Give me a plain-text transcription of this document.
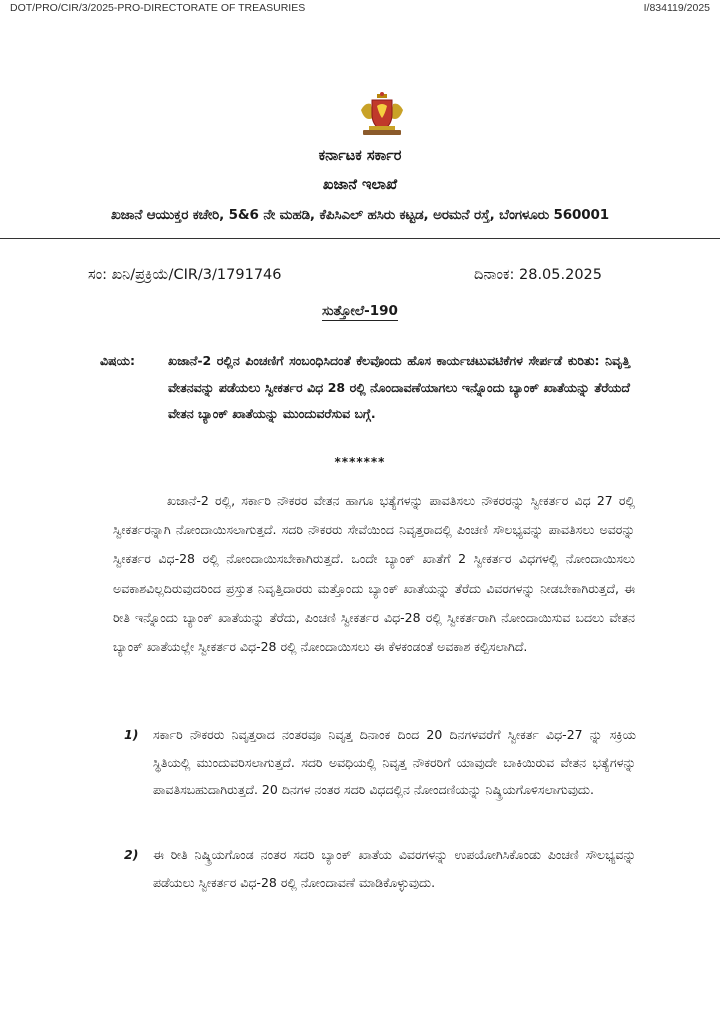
DOT/PRO/CIR/3/2025-PRO-DIRECTORATE OF TREASURIES	I/834119/2025
ಕರ್ನಾಟಕ ಸರ್ಕಾರ
ಖಜಾನೆ ಇಲಾಖೆ
ಖಜಾನೆ ಆಯುಕ್ತರ ಕಚೇರಿ, 5&6 ನೇ ಮಹಡಿ, ಕೆಪಿಸಿಎಲ್ ಹಸಿರು ಕಟ್ಟಡ, ಅರಮನೆ ರಸ್ತೆ, ಬೆಂಗಳೂರು 560001
ಸಂ: ಖನಿ/ಪ್ರಕ್ರಿಯೆ/CIR/3/1791746	ದಿನಾಂಕ: 28.05.2025
ಸುತ್ತೋಲೆ-190
ವಿಷಯ:	ಖಜಾನೆ-2 ರಲ್ಲಿನ ಪಿಂಚಣಿಗೆ ಸಂಬಂಧಿಸಿದಂತೆ ಕೆಲವೊಂದು ಹೊಸ ಕಾರ್ಯಚಟುವಟಿಕೆಗಳ ಸೇರ್ಪಡೆ ಕುರಿತು: ನಿವೃತ್ತಿ ವೇತನವನ್ನು ಪಡೆಯಲು ಸ್ವೀಕರ್ತರ ವಿಧ 28 ರಲ್ಲಿ ನೊಂದಾವಣೆಯಾಗಲು ಇನ್ನೊಂದು ಬ್ಯಾಂಕ್ ಖಾತೆಯನ್ನು ತೆರೆಯದೆ ವೇತನ ಬ್ಯಾಂಕ್ ಖಾತೆಯನ್ನು ಮುಂದುವರೆಸುವ ಬಗ್ಗೆ.
*******
ಖಜಾನೆ-2 ರಲ್ಲಿ, ಸರ್ಕಾರಿ ನೌಕರರ ವೇತನ ಹಾಗೂ ಭತ್ಯೆಗಳನ್ನು ಪಾವತಿಸಲು ನೌಕರರನ್ನು ಸ್ವೀಕರ್ತರ ವಿಧ 27 ರಲ್ಲಿ ಸ್ವೀಕರ್ತರನ್ನಾಗಿ ನೋಂದಾಯಿಸಲಾಗುತ್ತದೆ. ಸದರಿ ನೌಕರರು ಸೇವೆಯಿಂದ ನಿವೃತ್ತರಾದಲ್ಲಿ ಪಿಂಚಣಿ ಸೌಲಭ್ಯವನ್ನು ಪಾವತಿಸಲು ಅವರನ್ನು ಸ್ವೀಕರ್ತರ ವಿಧ-28 ರಲ್ಲಿ ನೋಂದಾಯಿಸಬೇಕಾಗಿರುತ್ತದೆ. ಒಂದೇ ಬ್ಯಾಂಕ್ ಖಾತೆಗೆ 2 ಸ್ವೀಕರ್ತರ ವಿಧಗಳಲ್ಲಿ ನೋಂದಾಯಿಸಲು ಅವಕಾಶವಿಲ್ಲದಿರುವುದರಿಂದ ಪ್ರಸ್ತುತ ನಿವೃತ್ತಿದಾರರು ಮತ್ತೊಂದು ಬ್ಯಾಂಕ್ ಖಾತೆಯನ್ನು ತೆರೆದು ವಿವರಗಳನ್ನು ನೀಡಬೇಕಾಗಿರುತ್ತದೆ, ಈ ರೀತಿ ಇನ್ನೊಂದು ಬ್ಯಾಂಕ್ ಖಾತೆಯನ್ನು ತೆರೆದು, ಪಿಂಚಣಿ ಸ್ವೀಕರ್ತರ ವಿಧ-28 ರಲ್ಲಿ ಸ್ವೀಕರ್ತರಾಗಿ ನೋಂದಾಯಿಸುವ ಬದಲು ವೇತನ ಬ್ಯಾಂಕ್ ಖಾತೆಯಲ್ಲೇ ಸ್ವೀಕರ್ತರ ವಿಧ-28 ರಲ್ಲಿ ನೋಂದಾಯಿಸಲು ಈ ಕೆಳಕಂಡಂತೆ ಅವಕಾಶ ಕಲ್ಪಿಸಲಾಗಿದೆ.
1)	ಸರ್ಕಾರಿ ನೌಕರರು ನಿವೃತ್ತರಾದ ನಂತರವೂ ನಿವೃತ್ತ ದಿನಾಂಕ ದಿಂದ 20 ದಿನಗಳವರೆಗೆ ಸ್ವೀಕರ್ತ ವಿಧ-27 ನ್ನು ಸಕ್ರಿಯ ಸ್ಥಿತಿಯಲ್ಲಿ ಮುಂದುವರಿಸಲಾಗುತ್ತದೆ. ಸದರಿ ಅವಧಿಯಲ್ಲಿ ನಿವೃತ್ತ ನೌಕರರಿಗೆ ಯಾವುದೇ ಬಾಕಿಯಿರುವ ವೇತನ ಭತ್ಯೆಗಳನ್ನು ಪಾವತಿಸಬಹುದಾಗಿರುತ್ತದೆ. 20 ದಿನಗಳ ನಂತರ ಸದರಿ ವಿಧದಲ್ಲಿನ ನೋಂದಣಿಯನ್ನು ನಿಷ್ಕ್ರಿಯಗೊಳಿಸಲಾಗುವುದು.
2)	ಈ ರೀತಿ ನಿಷ್ಕ್ರಿಯಗೊಂಡ ನಂತರ ಸದರಿ ಬ್ಯಾಂಕ್ ಖಾತೆಯ ವಿವರಗಳನ್ನು ಉಪಯೋಗಿಸಿಕೊಂಡು ಪಿಂಚಣಿ ಸೌಲಭ್ಯವನ್ನು ಪಡೆಯಲು ಸ್ವೀಕರ್ತರ ವಿಧ-28 ರಲ್ಲಿ ನೋಂದಾವಣೆ ಮಾಡಿಕೊಳ್ಳುವುದು.
